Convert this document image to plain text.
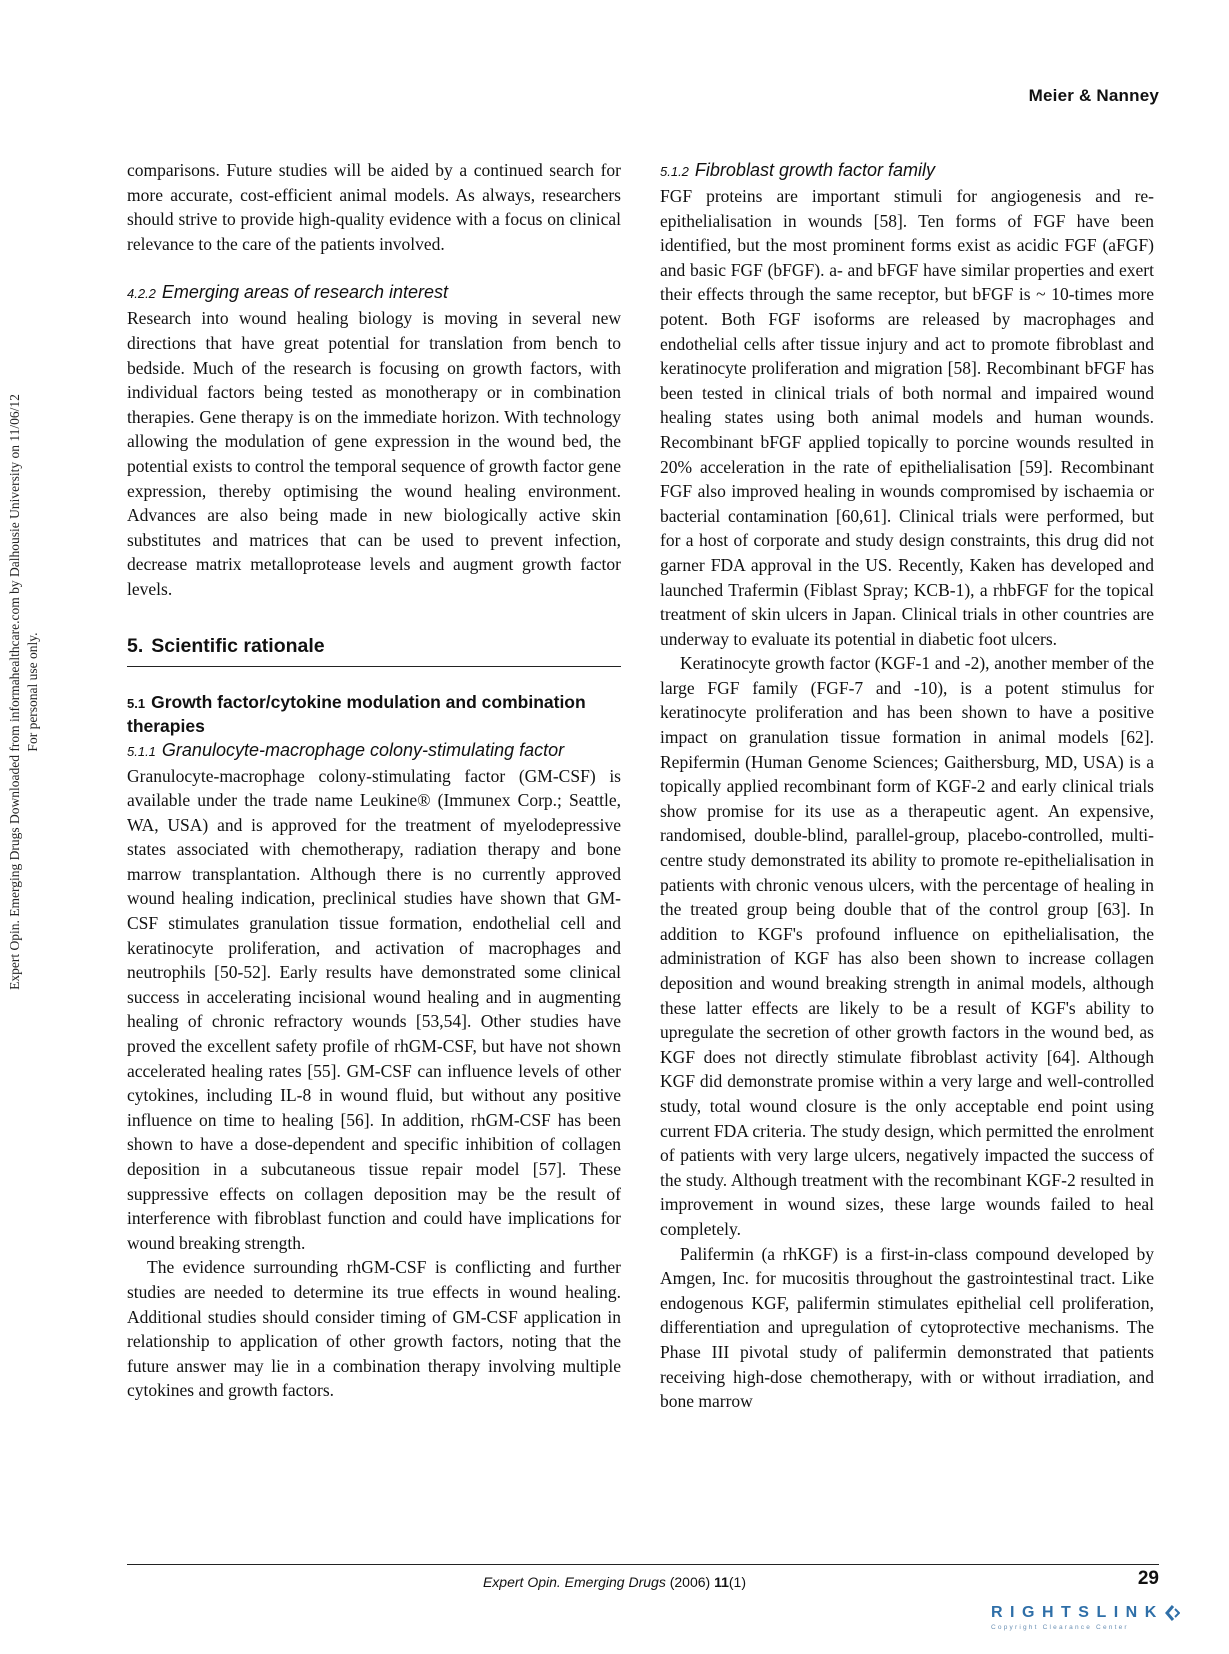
Meier & Nanney
Expert Opin. Emerging Drugs Downloaded from informahealthcare.com by Dalhousie University on 11/06/12 For personal use only.

comparisons. Future studies will be aided by a continued search for more accurate, cost-efficient animal models. As always, researchers should strive to provide high-quality evidence with a focus on clinical relevance to the care of the patients involved.

4.2.2 Emerging areas of research interest

Research into wound healing biology is moving in several new directions that have great potential for translation from bench to bedside. Much of the research is focusing on growth factors, with individual factors being tested as monotherapy or in combination therapies. Gene therapy is on the immediate horizon. With technology allowing the modulation of gene expression in the wound bed, the potential exists to control the temporal sequence of growth factor gene expression, thereby optimising the wound healing environment. Advances are also being made in new biologically active skin substitutes and matrices that can be used to prevent infection, decrease matrix metalloprotease levels and augment growth factor levels.

5. Scientific rationale
5.1 Growth factor/cytokine modulation and combination therapies
5.1.1 Granulocyte-macrophage colony-stimulating factor

Granulocyte-macrophage colony-stimulating factor (GM-CSF) is available under the trade name Leukine® (Immunex Corp.; Seattle, WA, USA) and is approved for the treatment of myelodepressive states associated with chemotherapy, radiation therapy and bone marrow transplantation. Although there is no currently approved wound healing indication, preclinical studies have shown that GM-CSF stimulates granulation tissue formation, endothelial cell and keratinocyte proliferation, and activation of macrophages and neutrophils [50-52]. Early results have demonstrated some clinical success in accelerating incisional wound healing and in augmenting healing of chronic refractory wounds [53,54]. Other studies have proved the excellent safety profile of rhGM-CSF, but have not shown accelerated healing rates [55]. GM-CSF can influence levels of other cytokines, including IL-8 in wound fluid, but without any positive influence on time to healing [56]. In addition, rhGM-CSF has been shown to have a dose-dependent and specific inhibition of collagen deposition in a subcutaneous tissue repair model [57]. These suppressive effects on collagen deposition may be the result of interference with fibroblast function and could have implications for wound breaking strength.

The evidence surrounding rhGM-CSF is conflicting and further studies are needed to determine its true effects in wound healing. Additional studies should consider timing of GM-CSF application in relationship to application of other growth factors, noting that the future answer may lie in a combination therapy involving multiple cytokines and growth factors.

5.1.2 Fibroblast growth factor family

FGF proteins are important stimuli for angiogenesis and re-epithelialisation in wounds [58]. Ten forms of FGF have been identified, but the most prominent forms exist as acidic FGF (aFGF) and basic FGF (bFGF). a- and bFGF have similar properties and exert their effects through the same receptor, but bFGF is ~ 10-times more potent. Both FGF isoforms are released by macrophages and endothelial cells after tissue injury and act to promote fibroblast and keratinocyte proliferation and migration [58]. Recombinant bFGF has been tested in clinical trials of both normal and impaired wound healing states using both animal models and human wounds. Recombinant bFGF applied topically to porcine wounds resulted in 20% acceleration in the rate of epithelialisation [59]. Recombinant FGF also improved healing in wounds compromised by ischaemia or bacterial contamination [60,61]. Clinical trials were performed, but for a host of corporate and study design constraints, this drug did not garner FDA approval in the US. Recently, Kaken has developed and launched Trafermin (Fiblast Spray; KCB-1), a rhbFGF for the topical treatment of skin ulcers in Japan. Clinical trials in other countries are underway to evaluate its potential in diabetic foot ulcers.

Keratinocyte growth factor (KGF-1 and -2), another member of the large FGF family (FGF-7 and -10), is a potent stimulus for keratinocyte proliferation and has been shown to have a positive impact on granulation tissue formation in animal models [62]. Repifermin (Human Genome Sciences; Gaithersburg, MD, USA) is a topically applied recombinant form of KGF-2 and early clinical trials show promise for its use as a therapeutic agent. An expensive, randomised, double-blind, parallel-group, placebo-controlled, multi-centre study demonstrated its ability to promote re-epithelialisation in patients with chronic venous ulcers, with the percentage of healing in the treated group being double that of the control group [63]. In addition to KGF's profound influence on epithelialisation, the administration of KGF has also been shown to increase collagen deposition and wound breaking strength in animal models, although these latter effects are likely to be a result of KGF's ability to upregulate the secretion of other growth factors in the wound bed, as KGF does not directly stimulate fibroblast activity [64]. Although KGF did demonstrate promise within a very large and well-controlled study, total wound closure is the only acceptable end point using current FDA criteria. The study design, which permitted the enrolment of patients with very large ulcers, negatively impacted the success of the study. Although treatment with the recombinant KGF-2 resulted in improvement in wound sizes, these large wounds failed to heal completely.

Palifermin (a rhKGF) is a first-in-class compound developed by Amgen, Inc. for mucositis throughout the gastrointestinal tract. Like endogenous KGF, palifermin stimulates epithelial cell proliferation, differentiation and upregulation of cytoprotective mechanisms. The Phase III pivotal study of palifermin demonstrated that patients receiving high-dose chemotherapy, with or without irradiation, and bone marrow

Expert Opin. Emerging Drugs (2006) 11(1)	29
RIGHTSLINK
Copyright Clearance Center
